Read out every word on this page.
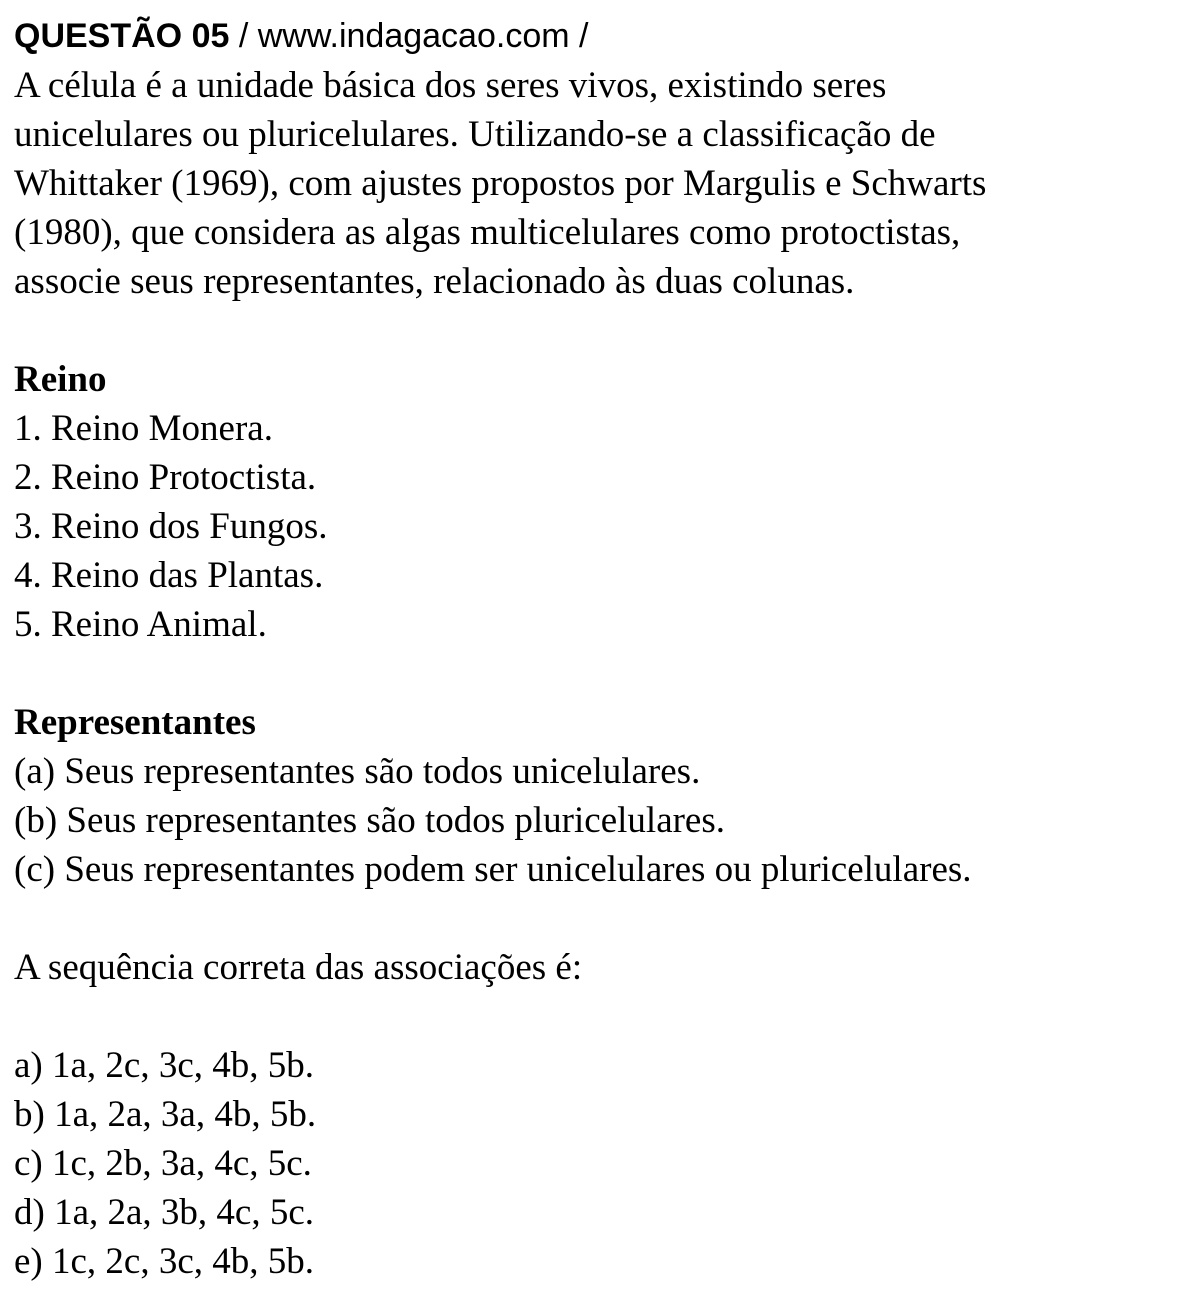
QUESTÃO 05 / www.indagacao.com /
A célula é a unidade básica dos seres vivos, existindo seres
unicelulares ou pluricelulares. Utilizando-se a classificação de
Whittaker (1969), com ajustes propostos por Margulis e Schwarts
(1980), que considera as algas multicelulares como protoctistas,
associe seus representantes, relacionado às duas colunas.
Reino
1. Reino Monera.
2. Reino Protoctista.
3. Reino dos Fungos.
4. Reino das Plantas.
5. Reino Animal.
Representantes
(a) Seus representantes são todos unicelulares.
(b) Seus representantes são todos pluricelulares.
(c) Seus representantes podem ser unicelulares ou pluricelulares.
A sequência correta das associações é:
a) 1a, 2c, 3c, 4b, 5b.
b) 1a, 2a, 3a, 4b, 5b.
c) 1c, 2b, 3a, 4c, 5c.
d) 1a, 2a, 3b, 4c, 5c.
e) 1c, 2c, 3c, 4b, 5b.
